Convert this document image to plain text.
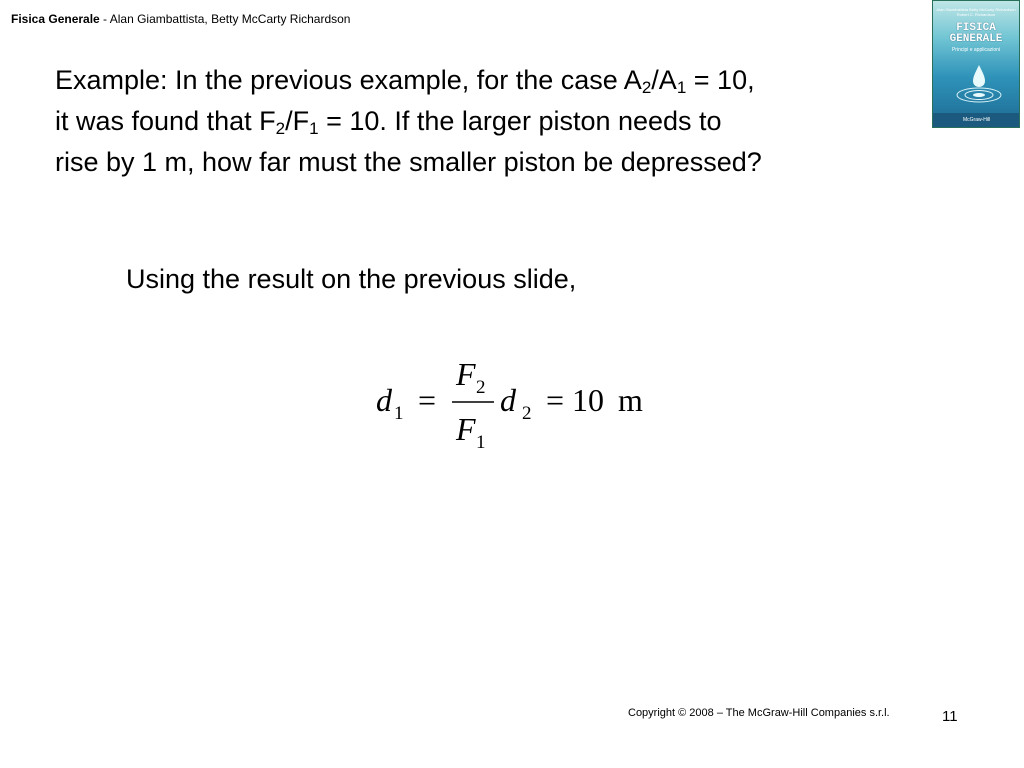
Fisica Generale - Alan Giambattista, Betty McCarty Richardson
Alan Giambattista Betty McCarty Richardson Robert C. Richardson
FISICA
GENERALE
Principi e applicazioni
McGraw-Hill
Example: In the previous example, for the case $A_2/A_1 = 10$,
it was found that $F_2/F_1 = 10$. If the larger piston needs to
rise by 1 m, how far must the smaller piston be depressed?
Using the result on the previous slide,
d 1 =
F 2
F 1
d 2 = 10 m
Copyright © 2008 – The McGraw-Hill Companies s.r.l.	11
